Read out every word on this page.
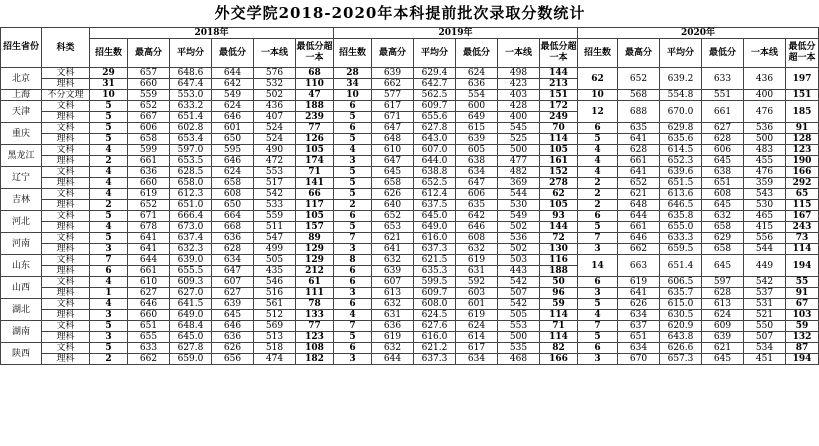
外交学院2018-2020年本科提前批次录取分数统计
招生省份	科类	2018年						2019年						2020年					
		招生数	最高分	平均分	最低分	一本线	最低分超一本	招生数	最高分	平均分	最低分	一本线	最低分超一本	招生数	最高分	平均分	最低分	一本线	最低分超一本
北京	文科	29	657	648.6	644	576	68	28	639	629.4	624	498	144	62	652	639.2	633	436	197
	理科	31	660	647.4	642	532	110	34	662	642.7	636	423	213						
上海	不分文理	10	559	553.0	549	502	47	10	577	562.5	554	403	151	10	568	554.8	551	400	151
天津	文科	5	652	633.2	624	436	188	6	617	609.7	600	428	172	12	688	670.0	661	476	185
	理科	5	667	651.4	646	407	239	5	671	655.6	649	400	249						
重庆	文科	5	606	602.8	601	524	77	6	647	627.8	615	545	70	6	635	629.8	627	536	91
	理科	5	658	653.4	650	524	126	5	648	643.0	639	525	114	5	641	635.6	628	500	128
黑龙江	文科	4	599	597.0	595	490	105	4	610	607.0	605	500	105	4	628	614.5	606	483	123
	理科	2	661	653.5	646	472	174	3	647	644.0	638	477	161	4	661	652.3	645	455	190
辽宁	文科	4	636	628.5	624	553	71	5	645	638.8	634	482	152	4	641	639.6	638	476	166
	理科	4	660	658.0	658	517	141	5	658	652.5	647	369	278	2	652	651.5	651	359	292
吉林	文科	4	619	612.3	608	542	66	5	626	612.4	606	544	62	2	621	613.6	608	543	65
	理科	2	652	651.0	650	533	117	2	640	637.5	635	530	105	2	648	646.5	645	530	115
河北	文科	5	671	666.4	664	559	105	6	652	645.0	642	549	93	6	644	635.8	632	465	167
	理科	4	678	673.0	668	511	157	5	653	649.0	646	502	144	5	661	655.0	658	415	243
河南	文科	5	641	637.4	636	547	89	7	621	616.0	608	536	72	7	646	633.3	629	556	73
	理科	3	641	632.3	628	499	129	3	641	637.3	632	502	130	3	662	659.5	658	544	114
山东	文科	7	644	639.0	634	505	129	8	632	621.5	619	503	116	14	663	651.4	645	449	194
	理科	6	661	655.5	647	435	212	6	639	635.3	631	443	188						
山西	文科	4	610	609.3	607	546	61	6	607	599.5	592	542	50	6	619	606.5	597	542	55
	理科	1	627	627.0	627	516	111	3	613	609.7	603	507	96	3	641	635.7	628	537	91
湖北	文科	4	646	641.5	639	561	78	6	632	608.0	601	542	59	5	626	615.0	613	531	67
	理科	3	660	649.0	645	512	133	4	631	624.5	619	505	114	4	634	630.5	624	521	103
湖南	文科	5	651	648.4	646	569	77	7	636	627.6	624	553	71	7	637	620.9	609	550	59
	理科	3	655	645.0	636	513	123	5	619	616.0	614	500	114	5	651	643.8	639	507	132
陕西	文科	5	633	627.8	626	518	108	6	632	621.2	617	535	82	6	634	626.6	621	534	87
	理科	2	662	659.0	656	474	182	3	644	637.3	634	468	166	3	670	657.3	645	451	194
